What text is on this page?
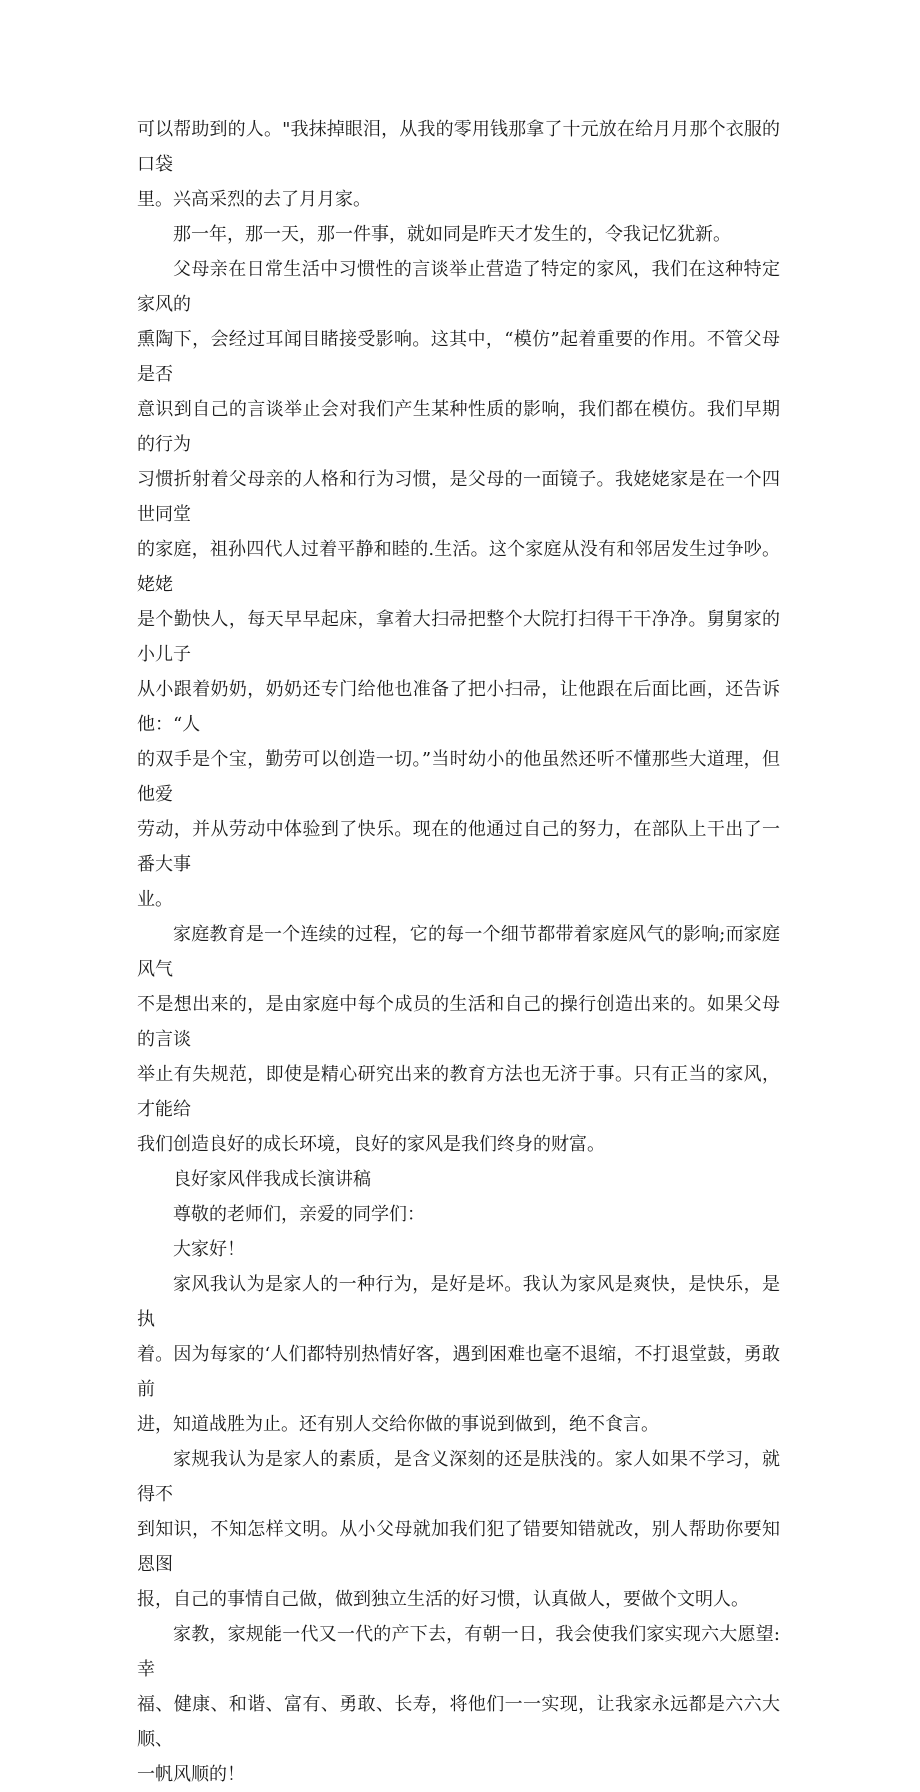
可以帮助到的人。"我抹掉眼泪，从我的零用钱那拿了十元放在给月月那个衣服的口袋

里。兴高采烈的去了月月家。

那一年，那一天，那一件事，就如同是昨天才发生的，令我记忆犹新。

父母亲在日常生活中习惯性的言谈举止营造了特定的家风，我们在这种特定家风的

熏陶下，会经过耳闻目睹接受影响。这其中，“模仿”起着重要的作用。不管父母是否

意识到自己的言谈举止会对我们产生某种性质的影响，我们都在模仿。我们早期的行为

习惯折射着父母亲的人格和行为习惯，是父母的一面镜子。我姥姥家是在一个四世同堂

的家庭，祖孙四代人过着平静和睦的.生活。这个家庭从没有和邻居发生过争吵。姥姥

是个勤快人，每天早早起床，拿着大扫帚把整个大院打扫得干干净净。舅舅家的小儿子

从小跟着奶奶，奶奶还专门给他也准备了把小扫帚，让他跟在后面比画，还告诉他：“人

的双手是个宝，勤劳可以创造一切。”当时幼小的他虽然还听不懂那些大道理，但他爱

劳动，并从劳动中体验到了快乐。现在的他通过自己的努力，在部队上干出了一番大事

业。

家庭教育是一个连续的过程，它的每一个细节都带着家庭风气的影响;而家庭风气

不是想出来的，是由家庭中每个成员的生活和自己的操行创造出来的。如果父母的言谈

举止有失规范，即使是精心研究出来的教育方法也无济于事。只有正当的家风，才能给

我们创造良好的成长环境，良好的家风是我们终身的财富。

良好家风伴我成长演讲稿

尊敬的老师们，亲爱的同学们：

大家好！

家风我认为是家人的一种行为，是好是坏。我认为家风是爽快，是快乐，是执

着。因为每家的‘人们都特别热情好客，遇到困难也毫不退缩，不打退堂鼓，勇敢前

进，知道战胜为止。还有别人交给你做的事说到做到，绝不食言。

家规我认为是家人的素质，是含义深刻的还是肤浅的。家人如果不学习，就得不

到知识，不知怎样文明。从小父母就加我们犯了错要知错就改，别人帮助你要知恩图

报，自己的事情自己做，做到独立生活的好习惯，认真做人，要做个文明人。

家教，家规能一代又一代的产下去，有朝一日，我会使我们家实现六大愿望:幸

福、健康、和谐、富有、勇敢、长寿，将他们一一实现，让我家永远都是六六大顺、

一帆风顺的！
